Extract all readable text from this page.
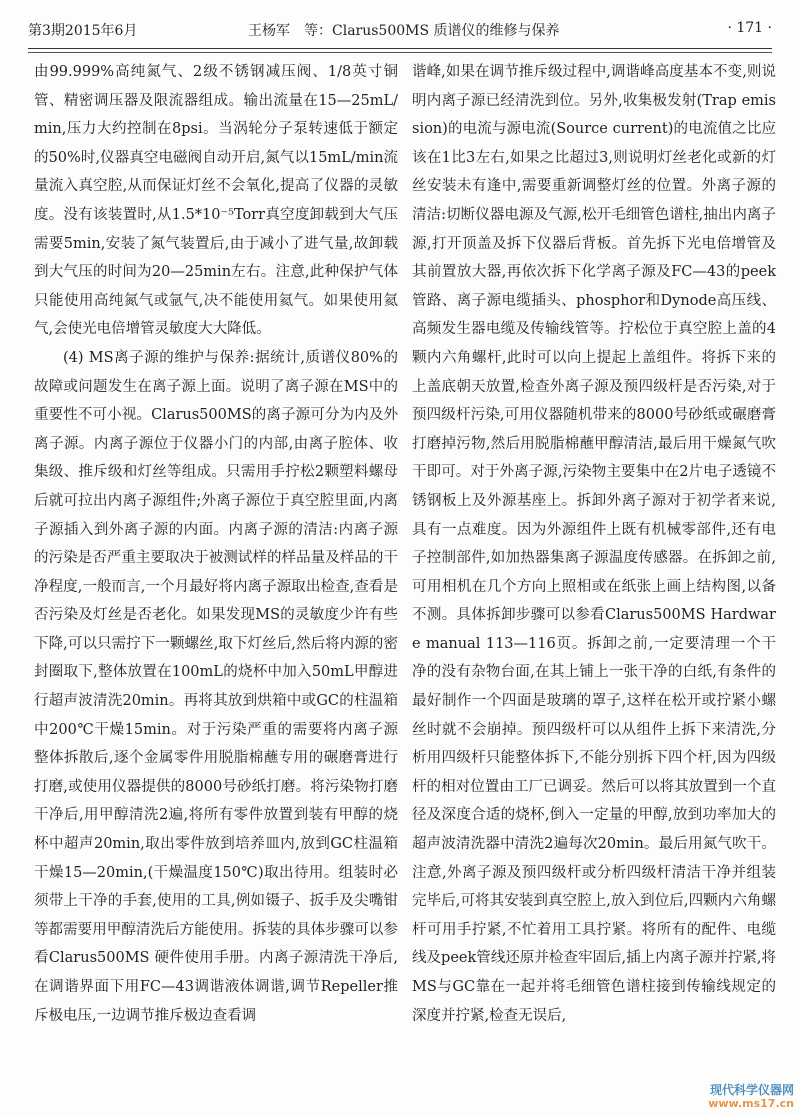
第3期2015年6月	王杨军　等：Clarus500MS 质谱仪的维修与保养	· 171 ·

由99.999%高纯氮气、2级不锈钢减压阀、1/8英寸铜管、精密调压器及限流器组成。输出流量在15—25mL/min,压力大约控制在8psi。当涡轮分子泵转速低于额定的50%时,仪器真空电磁阀自动开启,氮气以15mL/min流量流入真空腔,从而保证灯丝不会氧化,提高了仪器的灵敏度。没有该装置时,从1.5*10⁻⁵Torr真空度卸载到大气压需要5min,安装了氮气装置后,由于减小了进气量,故卸载到大气压的时间为20—25min左右。注意,此种保护气体只能使用高纯氮气或氩气,决不能使用氦气。如果使用氦气,会使光电倍增管灵敏度大大降低。

(4) MS离子源的维护与保养:据统计,质谱仪80%的故障或问题发生在离子源上面。说明了离子源在MS中的重要性不可小视。Clarus500MS的离子源可分为内及外离子源。内离子源位于仪器小门的内部,由离子腔体、收集级、推斥级和灯丝等组成。只需用手拧松2颗塑料螺母后就可拉出内离子源组件;外离子源位于真空腔里面,内离子源插入到外离子源的内面。内离子源的清洁:内离子源的污染是否严重主要取决于被测试样的样品量及样品的干净程度,一般而言,一个月最好将内离子源取出检查,查看是否污染及灯丝是否老化。如果发现MS的灵敏度少许有些下降,可以只需拧下一颗螺丝,取下灯丝后,然后将内源的密封圈取下,整体放置在100mL的烧杯中加入50mL甲醇进行超声波清洗20min。再将其放到烘箱中或GC的柱温箱中200℃干燥15min。对于污染严重的需要将内离子源整体拆散后,逐个金属零件用脱脂棉蘸专用的碾磨膏进行打磨,或使用仪器提供的8000号砂纸打磨。将污染物打磨干净后,用甲醇清洗2遍,将所有零件放置到装有甲醇的烧杯中超声20min,取出零件放到培养皿内,放到GC柱温箱干燥15—20min,(干燥温度150℃)取出待用。组装时必须带上干净的手套,使用的工具,例如镊子、扳手及尖嘴钳等都需要用甲醇清洗后方能使用。拆装的具体步骤可以参看Clarus500MS 硬件使用手册。内离子源清洗干净后,在调谐界面下用FC—43调谐液体调谐,调节Repeller推斥极电压,一边调节推斥极边查看调

谐峰,如果在调节推斥级过程中,调谐峰高度基本不变,则说明内离子源已经清洗到位。另外,收集极发射(Trap emission)的电流与源电流(Source current)的电流值之比应该在1比3左右,如果之比超过3,则说明灯丝老化或新的灯丝安装未有逢中,需要重新调整灯丝的位置。外离子源的清洁:切断仪器电源及气源,松开毛细管色谱柱,抽出内离子源,打开顶盖及拆下仪器后背板。首先拆下光电倍增管及其前置放大器,再依次拆下化学离子源及FC—43的peek管路、离子源电缆插头、phosphor和Dynode高压线、高频发生器电缆及传输线管等。拧松位于真空腔上盖的4颗内六角螺杆,此时可以向上提起上盖组件。将拆下来的上盖底朝天放置,检查外离子源及预四级杆是否污染,对于预四级杆污染,可用仪器随机带来的8000号砂纸或碾磨膏打磨掉污物,然后用脱脂棉蘸甲醇清洁,最后用干燥氮气吹干即可。对于外离子源,污染物主要集中在2片电子透镜不锈钢板上及外源基座上。拆卸外离子源对于初学者来说,具有一点难度。因为外源组件上既有机械零部件,还有电子控制部件,如加热器集离子源温度传感器。在拆卸之前,可用相机在几个方向上照相或在纸张上画上结构图,以备不测。具体拆卸步骤可以参看Clarus500MS Hardware manual 113—116页。拆卸之前,一定要清理一个干净的没有杂物台面,在其上铺上一张干净的白纸,有条件的最好制作一个四面是玻璃的罩子,这样在松开或拧紧小螺丝时就不会崩掉。预四级杆可以从组件上拆下来清洗,分析用四级杆只能整体拆下,不能分别拆下四个杆,因为四级杆的相对位置由工厂已调妥。然后可以将其放置到一个直径及深度合适的烧杯,倒入一定量的甲醇,放到功率加大的超声波清洗器中清洗2遍每次20min。最后用氮气吹干。注意,外离子源及预四级杆或分析四级杆清洁干净并组装完毕后,可将其安装到真空腔上,放入到位后,四颗内六角螺杆可用手拧紧,不忙着用工具拧紧。将所有的配件、电缆线及peek管线还原并检查牢固后,插上内离子源并拧紧,将MS与GC靠在一起并将毛细管色谱柱接到传输线规定的深度并拧紧,检查无误后,

现代科学仪器网
www.ms17.cn
